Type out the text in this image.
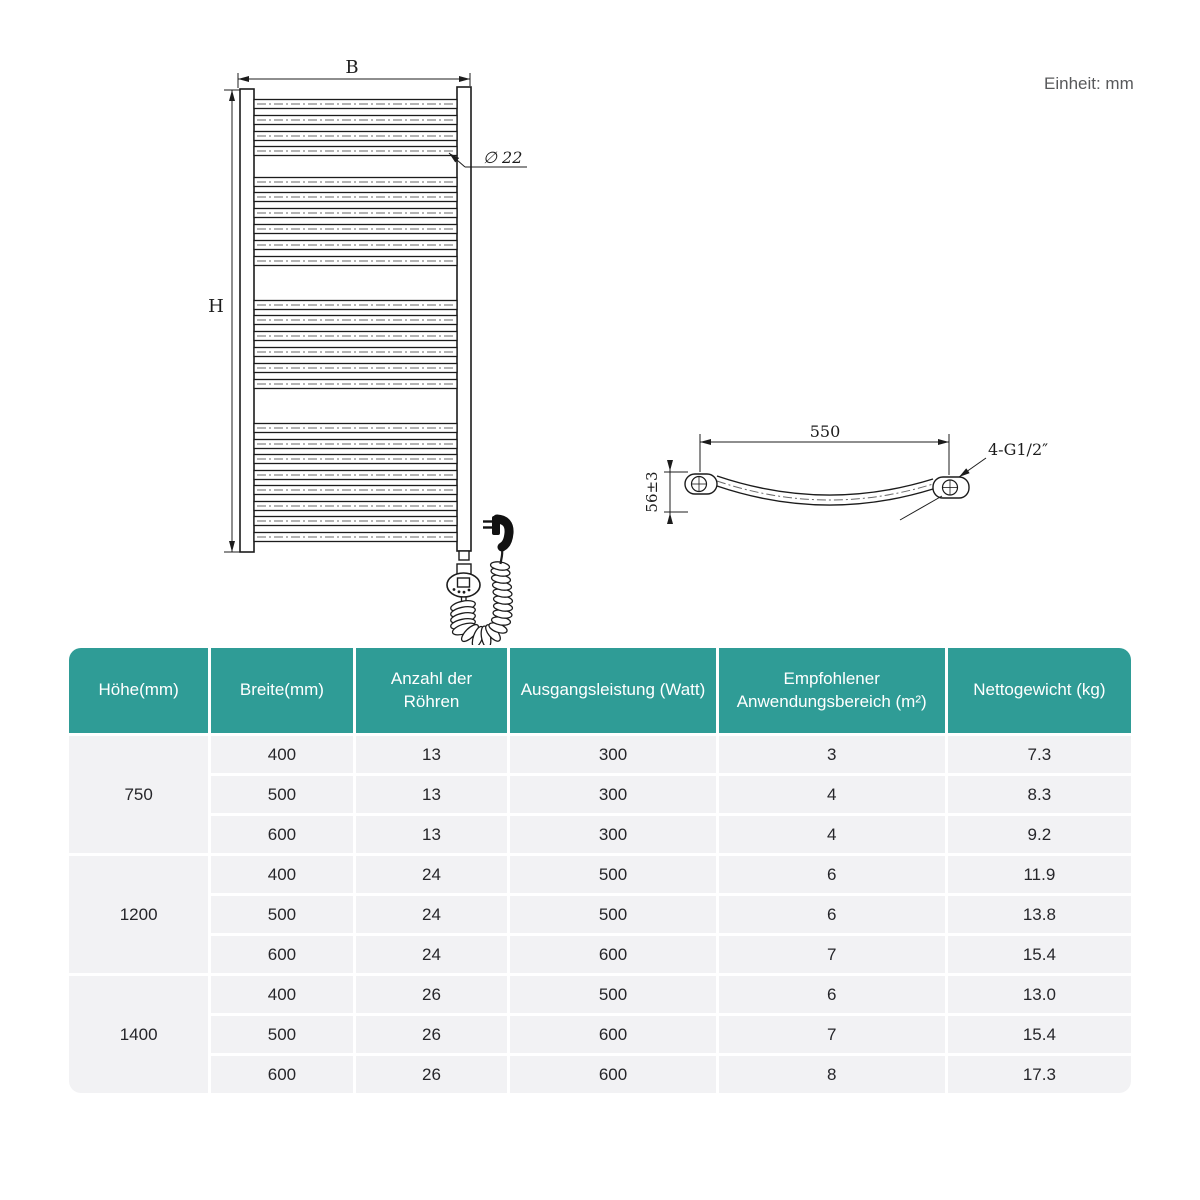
Einheit: mm
B
H
∅ 22
550
56±3
4-G1/2″
Höhe(mm)	Breite(mm)	Anzahl der Röhren	Ausgangsleistung (Watt)	Empfohlener Anwendungsbereich (m²)	Nettogewicht (kg)
750	400	13	300	3	7.3
	500	13	300	4	8.3
	600	13	300	4	9.2
1200	400	24	500	6	11.9
	500	24	500	6	13.8
	600	24	600	7	15.4
1400	400	26	500	6	13.0
	500	26	600	7	15.4
	600	26	600	8	17.3
